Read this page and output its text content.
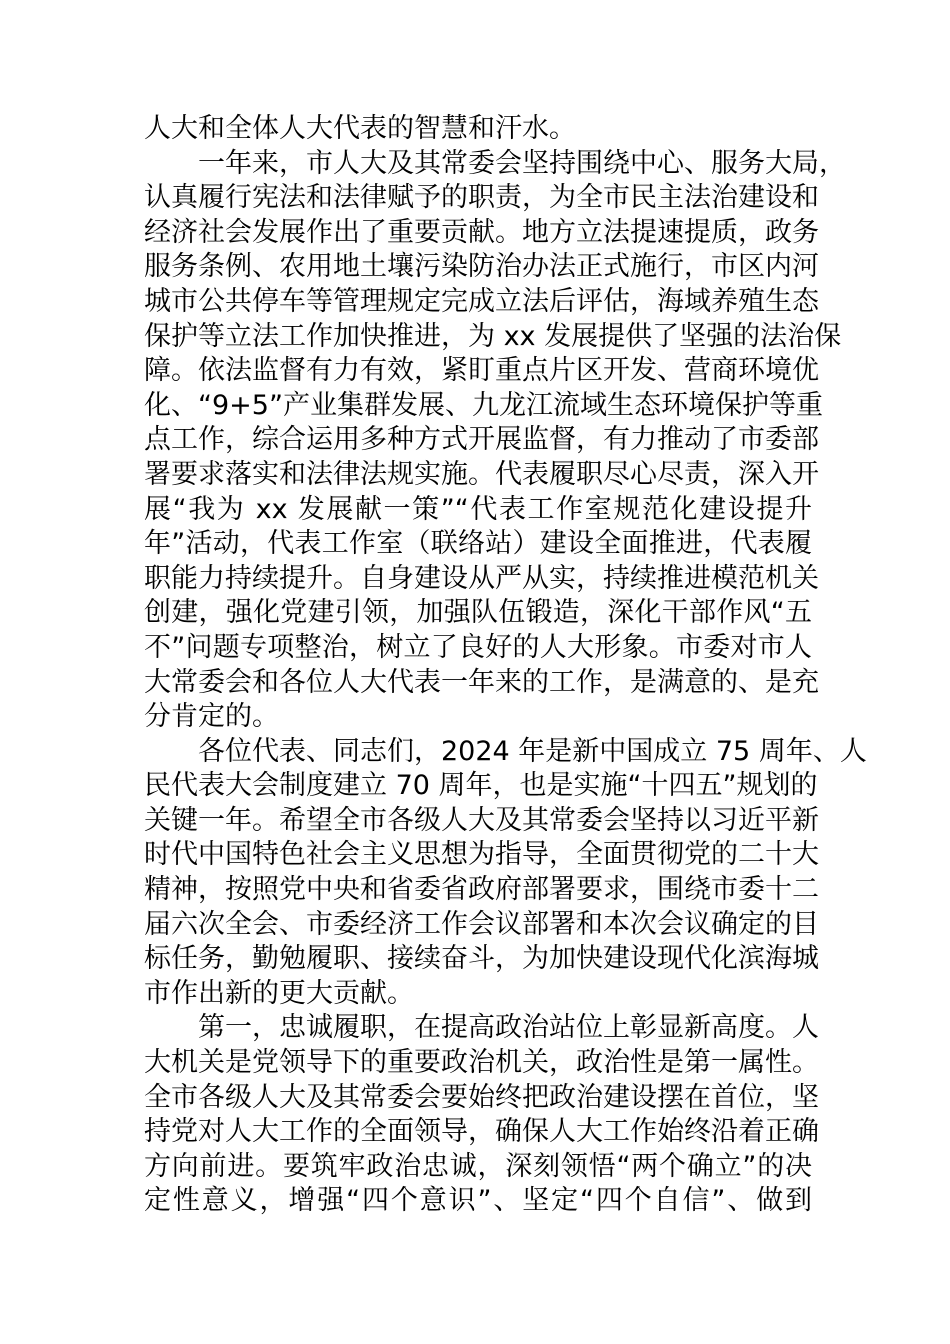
人大和全体人大代表的智慧和汗水。
一年来，市人大及其常委会坚持围绕中心、服务大局，
认真履行宪法和法律赋予的职责，为全市民主法治建设和
经济社会发展作出了重要贡献。地方立法提速提质，政务
服务条例、农用地土壤污染防治办法正式施行，市区内河
城市公共停车等管理规定完成立法后评估，海域养殖生态
保护等立法工作加快推进，为 xx 发展提供了坚强的法治保
障。依法监督有力有效，紧盯重点片区开发、营商环境优
化、“9+5”产业集群发展、九龙江流域生态环境保护等重
点工作，综合运用多种方式开展监督，有力推动了市委部
署要求落实和法律法规实施。代表履职尽心尽责，深入开
展“我为 xx 发展献一策”“代表工作室规范化建设提升
年”活动，代表工作室（联络站）建设全面推进，代表履
职能力持续提升。自身建设从严从实，持续推进模范机关
创建，强化党建引领，加强队伍锻造，深化干部作风“五
不”问题专项整治，树立了良好的人大形象。市委对市人
大常委会和各位人大代表一年来的工作，是满意的、是充
分肯定的。
各位代表、同志们，2024 年是新中国成立 75 周年、人
民代表大会制度建立 70 周年，也是实施“十四五”规划的
关键一年。希望全市各级人大及其常委会坚持以习近平新
时代中国特色社会主义思想为指导，全面贯彻党的二十大
精神，按照党中央和省委省政府部署要求，围绕市委十二
届六次全会、市委经济工作会议部署和本次会议确定的目
标任务，勤勉履职、接续奋斗，为加快建设现代化滨海城
市作出新的更大贡献。
第一，忠诚履职，在提高政治站位上彰显新高度。人
大机关是党领导下的重要政治机关，政治性是第一属性。
全市各级人大及其常委会要始终把政治建设摆在首位，坚
持党对人大工作的全面领导，确保人大工作始终沿着正确
方向前进。要筑牢政治忠诚，深刻领悟“两个确立”的决
定性意义，增强“四个意识”、坚定“四个自信”、做到
